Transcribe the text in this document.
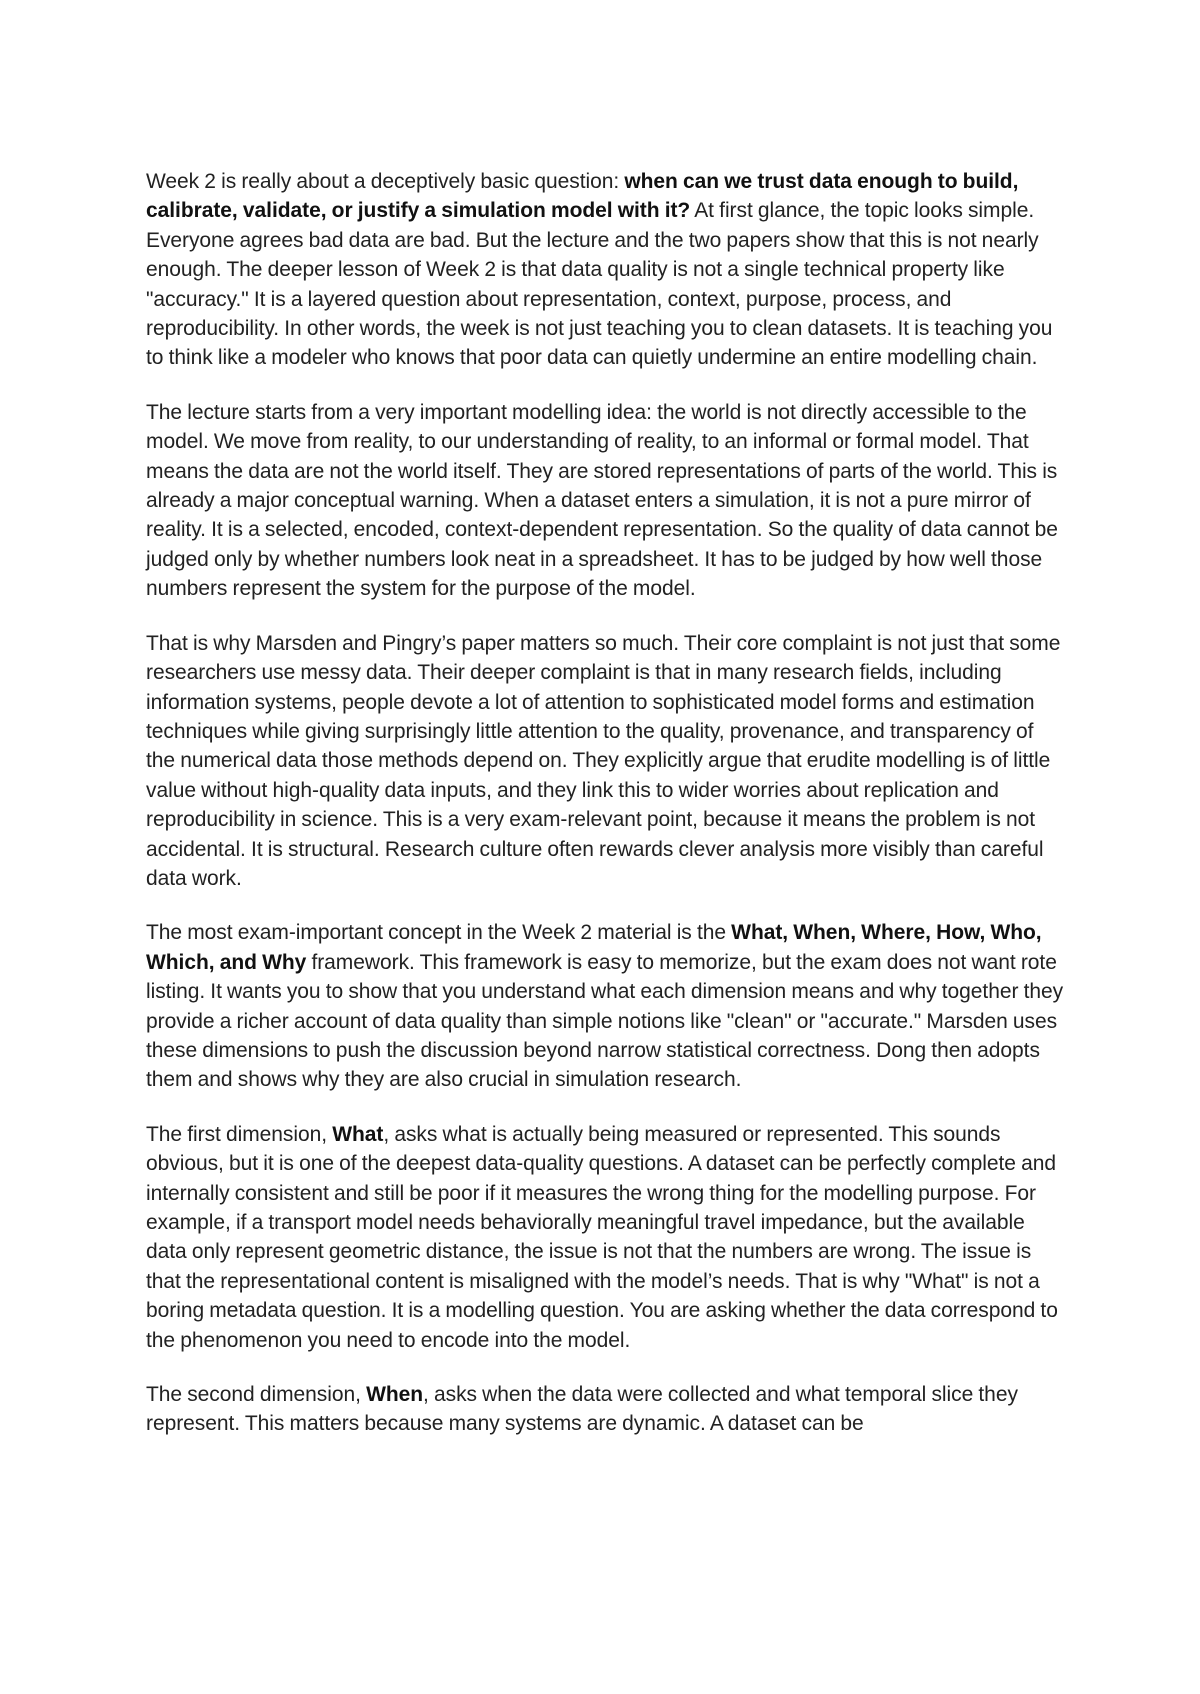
Week 2 is really about a deceptively basic question: when can we trust data enough to build, calibrate, validate, or justify a simulation model with it? At first glance, the topic looks simple. Everyone agrees bad data are bad. But the lecture and the two papers show that this is not nearly enough. The deeper lesson of Week 2 is that data quality is not a single technical property like "accuracy." It is a layered question about representation, context, purpose, process, and reproducibility. In other words, the week is not just teaching you to clean datasets. It is teaching you to think like a modeler who knows that poor data can quietly undermine an entire modelling chain.

The lecture starts from a very important modelling idea: the world is not directly accessible to the model. We move from reality, to our understanding of reality, to an informal or formal model. That means the data are not the world itself. They are stored representations of parts of the world. This is already a major conceptual warning. When a dataset enters a simulation, it is not a pure mirror of reality. It is a selected, encoded, context-dependent representation. So the quality of data cannot be judged only by whether numbers look neat in a spreadsheet. It has to be judged by how well those numbers represent the system for the purpose of the model.

That is why Marsden and Pingry’s paper matters so much. Their core complaint is not just that some researchers use messy data. Their deeper complaint is that in many research fields, including information systems, people devote a lot of attention to sophisticated model forms and estimation techniques while giving surprisingly little attention to the quality, provenance, and transparency of the numerical data those methods depend on. They explicitly argue that erudite modelling is of little value without high-quality data inputs, and they link this to wider worries about replication and reproducibility in science. This is a very exam-relevant point, because it means the problem is not accidental. It is structural. Research culture often rewards clever analysis more visibly than careful data work.

The most exam-important concept in the Week 2 material is the What, When, Where, How, Who, Which, and Why framework. This framework is easy to memorize, but the exam does not want rote listing. It wants you to show that you understand what each dimension means and why together they provide a richer account of data quality than simple notions like "clean" or "accurate." Marsden uses these dimensions to push the discussion beyond narrow statistical correctness. Dong then adopts them and shows why they are also crucial in simulation research.

The first dimension, What, asks what is actually being measured or represented. This sounds obvious, but it is one of the deepest data-quality questions. A dataset can be perfectly complete and internally consistent and still be poor if it measures the wrong thing for the modelling purpose. For example, if a transport model needs behaviorally meaningful travel impedance, but the available data only represent geometric distance, the issue is not that the numbers are wrong. The issue is that the representational content is misaligned with the model’s needs. That is why "What" is not a boring metadata question. It is a modelling question. You are asking whether the data correspond to the phenomenon you need to encode into the model.

The second dimension, When, asks when the data were collected and what temporal slice they represent. This matters because many systems are dynamic. A dataset can be
